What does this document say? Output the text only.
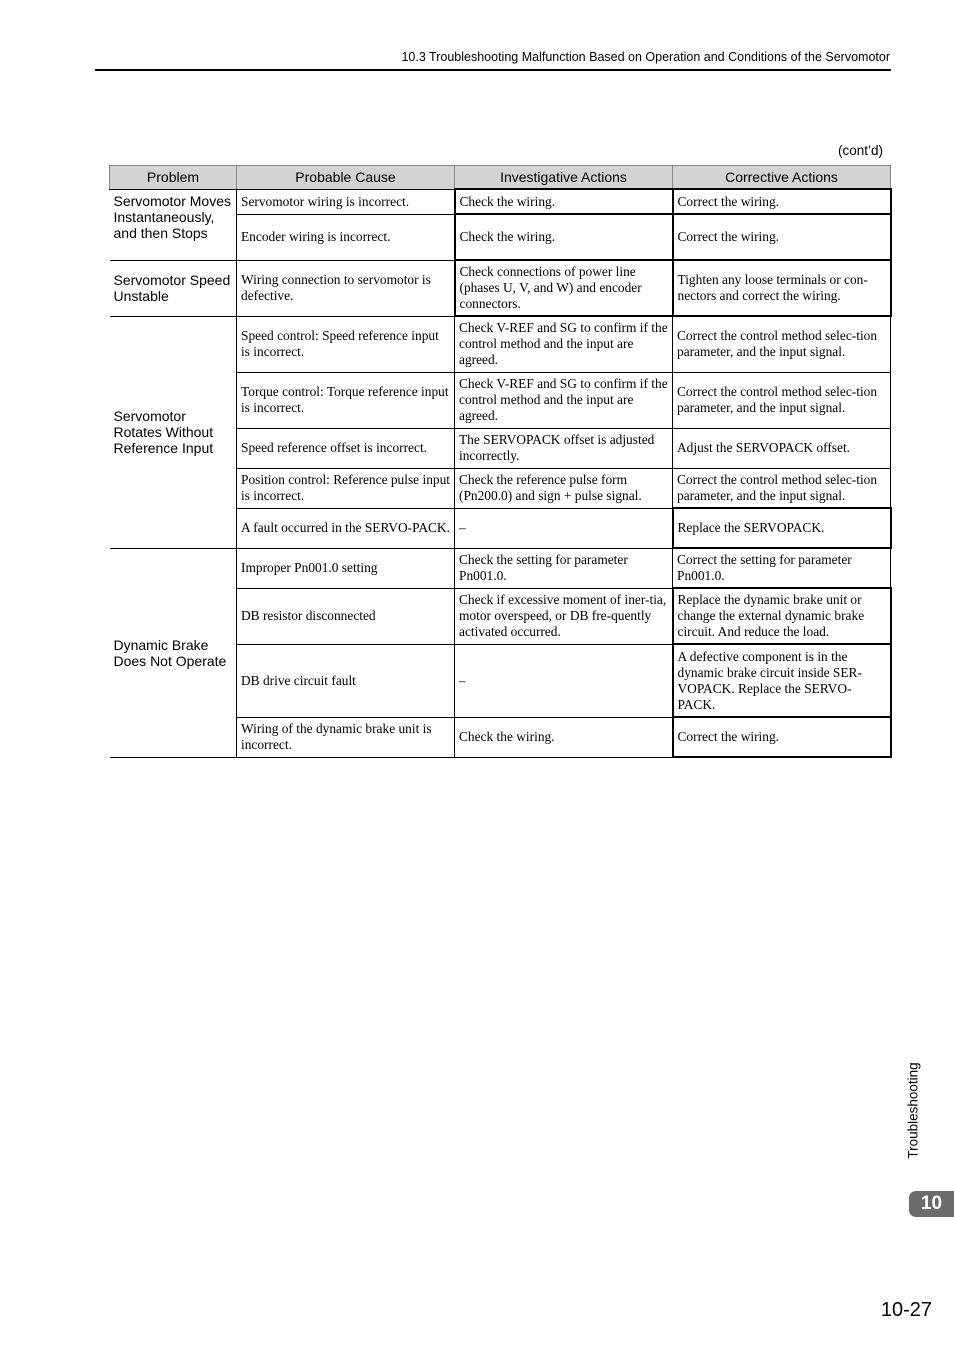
10.3 Troubleshooting Malfunction Based on Operation and Conditions of the Servomotor
(cont’d)
Problem	Probable Cause	Investigative Actions	Corrective Actions
Servomotor Moves Instantaneously, and then Stops	Servomotor wiring is incorrect.	Check the wiring.	Correct the wiring.
	Encoder wiring is incorrect.	Check the wiring.	Correct the wiring.
Servomotor Speed Unstable	Wiring connection to servomotor is defective.	Check connections of power line (phases U, V, and W) and encoder connectors.	Tighten any loose terminals or con-nectors and correct the wiring.
Servomotor Rotates Without Reference Input	Speed control: Speed reference input is incorrect.	Check V-REF and SG to confirm if the control method and the input are agreed.	Correct the control method selec-tion parameter, and the input signal.
	Torque control: Torque reference input is incorrect.	Check V-REF and SG to confirm if the control method and the input are agreed.	Correct the control method selec-tion parameter, and the input signal.
	Speed reference offset is incorrect.	The SERVOPACK offset is adjusted incorrectly.	Adjust the SERVOPACK offset.
	Position control: Reference pulse input is incorrect.	Check the reference pulse form (Pn200.0) and sign + pulse signal.	Correct the control method selec-tion parameter, and the input signal.
	A fault occurred in the SERVO-PACK.	–	Replace the SERVOPACK.
Dynamic Brake Does Not Operate	Improper Pn001.0 setting	Check the setting for parameter Pn001.0.	Correct the setting for parameter Pn001.0.
	DB resistor disconnected	Check if excessive moment of iner-tia, motor overspeed, or DB fre-quently activated occurred.	Replace the dynamic brake unit or change the external dynamic brake circuit. And reduce the load.
	DB drive circuit fault	–	A defective component is in the dynamic brake circuit inside SER-VOPACK. Replace the SERVO-PACK.
	Wiring of the dynamic brake unit is incorrect.	Check the wiring.	Correct the wiring.
Troubleshooting
10
10-27
